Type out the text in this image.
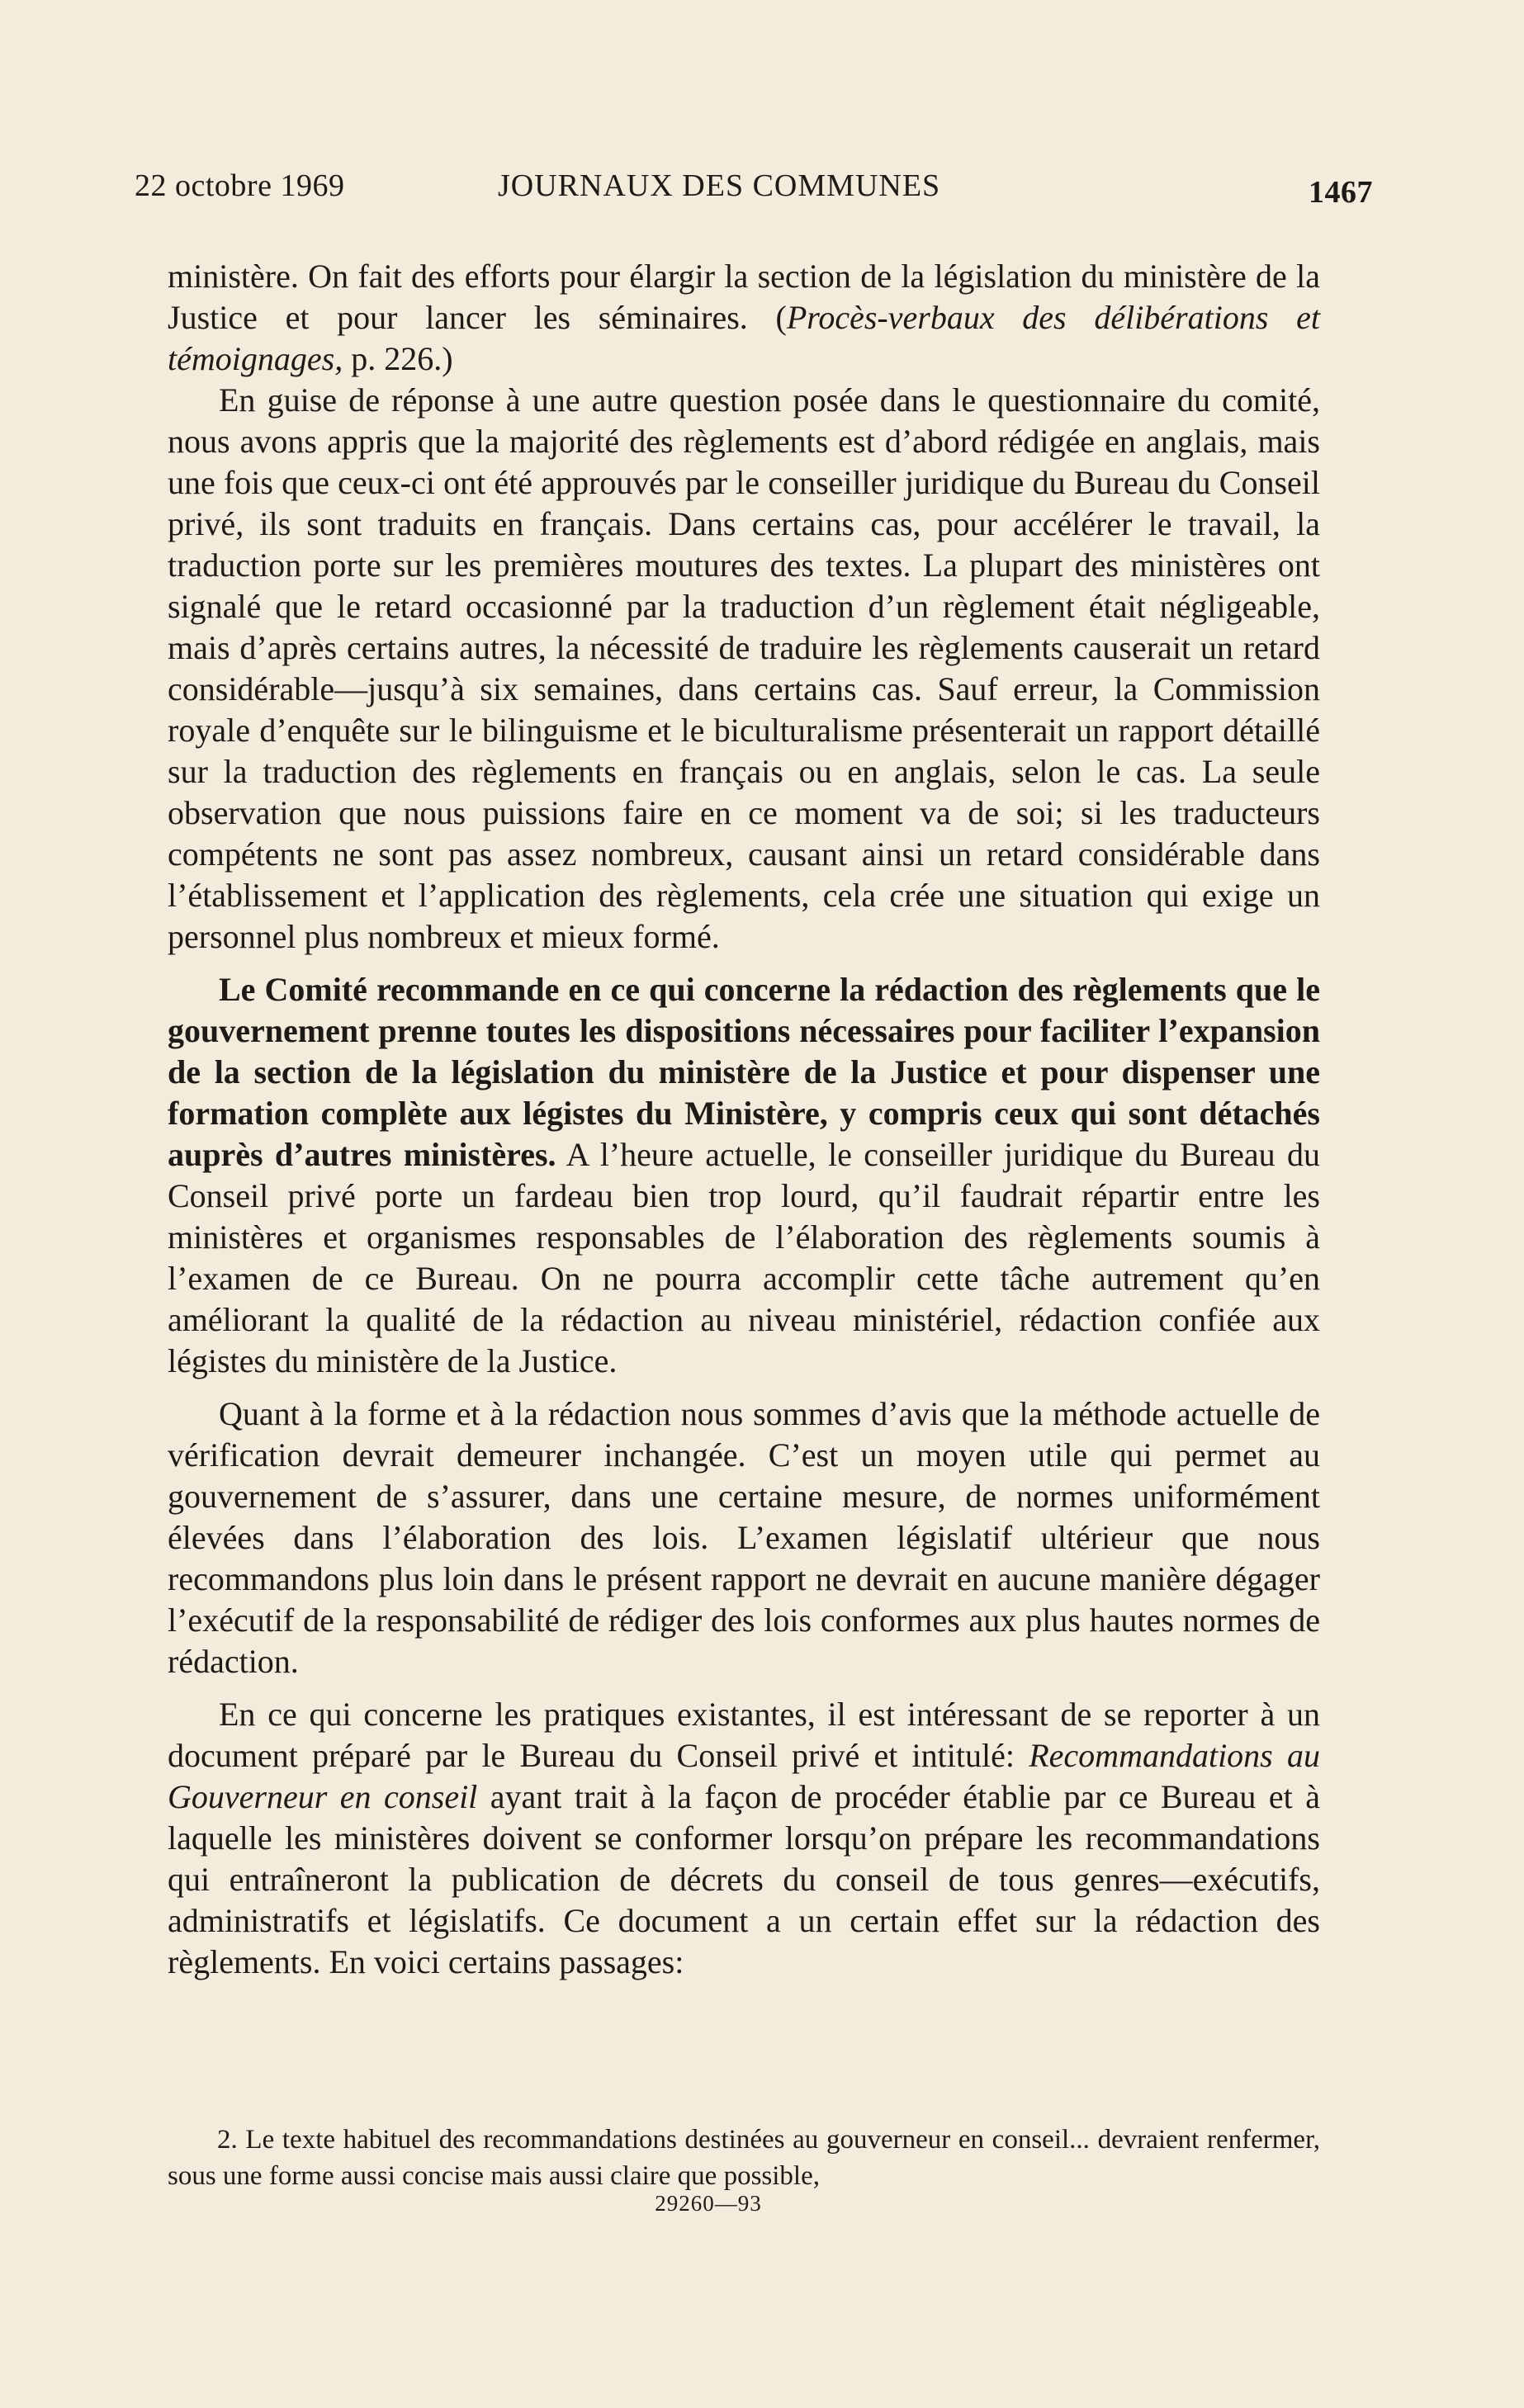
22 octobre 1969	JOURNAUX DES COMMUNES	1467

ministère. On fait des efforts pour élargir la section de la législation du ministère de la Justice et pour lancer les séminaires. (Procès-verbaux des délibérations et témoignages, p. 226.)

En guise de réponse à une autre question posée dans le questionnaire du comité, nous avons appris que la majorité des règlements est d’abord rédigée en anglais, mais une fois que ceux-ci ont été approuvés par le conseiller juridique du Bureau du Conseil privé, ils sont traduits en français. Dans certains cas, pour accélérer le travail, la traduction porte sur les premières moutures des textes. La plupart des ministères ont signalé que le retard occasionné par la traduction d’un règlement était négligeable, mais d’après certains autres, la nécessité de traduire les règlements causerait un retard considérable—jusqu’à six semaines, dans certains cas. Sauf erreur, la Commission royale d’enquête sur le bilinguisme et le biculturalisme présenterait un rapport détaillé sur la traduction des règlements en français ou en anglais, selon le cas. La seule observation que nous puissions faire en ce moment va de soi; si les traducteurs compétents ne sont pas assez nombreux, causant ainsi un retard considérable dans l’établissement et l’application des règlements, cela crée une situation qui exige un personnel plus nombreux et mieux formé.

Le Comité recommande en ce qui concerne la rédaction des règlements que le gouvernement prenne toutes les dispositions nécessaires pour faciliter l’expansion de la section de la législation du ministère de la Justice et pour dispenser une formation complète aux légistes du Ministère, y compris ceux qui sont détachés auprès d’autres ministères. A l’heure actuelle, le conseiller juridique du Bureau du Conseil privé porte un fardeau bien trop lourd, qu’il faudrait répartir entre les ministères et organismes responsables de l’élaboration des règlements soumis à l’examen de ce Bureau. On ne pourra accomplir cette tâche autrement qu’en améliorant la qualité de la rédaction au niveau ministériel, rédaction confiée aux légistes du ministère de la Justice.

Quant à la forme et à la rédaction nous sommes d’avis que la méthode actuelle de vérification devrait demeurer inchangée. C’est un moyen utile qui permet au gouvernement de s’assurer, dans une certaine mesure, de normes uniformément élevées dans l’élaboration des lois. L’examen législatif ultérieur que nous recommandons plus loin dans le présent rapport ne devrait en aucune manière dégager l’exécutif de la responsabilité de rédiger des lois conformes aux plus hautes normes de rédaction.

En ce qui concerne les pratiques existantes, il est intéressant de se reporter à un document préparé par le Bureau du Conseil privé et intitulé: Recommandations au Gouverneur en conseil ayant trait à la façon de procéder établie par ce Bureau et à laquelle les ministères doivent se conformer lorsqu’on prépare les recommandations qui entraîneront la publication de décrets du conseil de tous genres—exécutifs, administratifs et législatifs. Ce document a un certain effet sur la rédaction des règlements. En voici certains passages:

2. Le texte habituel des recommandations destinées au gouverneur en conseil... devraient renfermer, sous une forme aussi concise mais aussi claire que possible,

29260—93
